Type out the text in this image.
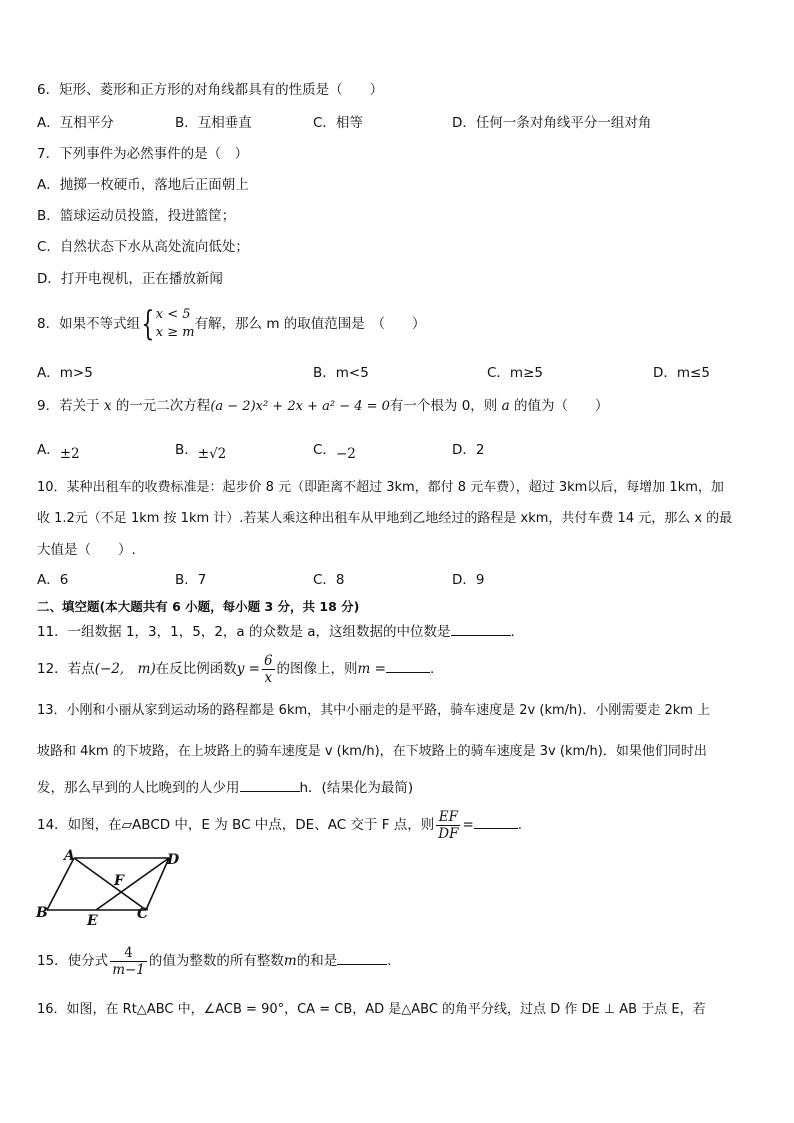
6．矩形、菱形和正方形的对角线都具有的性质是（　　）
A．互相平分	B．互相垂直	C．相等	D．任何一条对角线平分一组对角
7．下列事件为必然事件的是（　）
A．抛掷一枚硬币，落地后正面朝上
B．篮球运动员投篮，投进篮筐；
C．自然状态下水从高处流向低处；
D．打开电视机，正在播放新闻
8．如果不等式组{ x < 5
x ≥ m
有解，那么 m 的取值范围是　（　　）
A．m>5	B．m<5	C．m≥5	D．m≤5
9．若关于 x 的一元二次方程(a − 2)x² + 2x + a² − 4 = 0有一个根为 0，则 a 的值为（　　）
A．±2	B．±√2	C．−2	D．2
10．某种出租车的收费标准是：起步价 8 元（即距离不超过 3km，都付 8 元车费），超过 3km以后，每增加 1km，加
收 1.2元（不足 1km 按 1km 计）.若某人乘这种出租车从甲地到乙地经过的路程是 xkm，共付车费 14 元，那么 x 的最
大值是（　　）.
A．6	B．7	C．8	D．9
二、填空题(本大题共有 6 小题，每小题 3 分，共 18 分)
11．一组数据 1，3，1，5，2，a 的众数是 a，这组数据的中位数是	.
12．若点(−2,　m)在反比例函数$y = \frac{6}{x}$ 的图像上，则m =	.
13．小刚和小丽从家到运动场的路程都是 6km，其中小丽走的是平路，骑车速度是 2v (km/h)．小刚需要走 2km 上
坡路和 4km 的下坡路，在上坡路上的骑车速度是 v (km/h)，在下坡路上的骑车速度是 3v (km/h)．如果他们同时出
发，那么早到的人比晚到的人少用	h．(结果化为最简)
14．如图，在▱ABCD 中，E 为 BC 中点，DE、AC 交于 F 点，则 $\frac{EF}{DF}$ =	.
A	D
B	C
E
F
15．使分式 $\frac{4}{m-1}$ 的值为整数的所有整数m的和是	.
16．如图，在 Rt△ABC 中，∠ACB = 90°，CA = CB，AD 是△ABC 的角平分线，过点 D 作 DE ⊥ AB 于点 E，若
